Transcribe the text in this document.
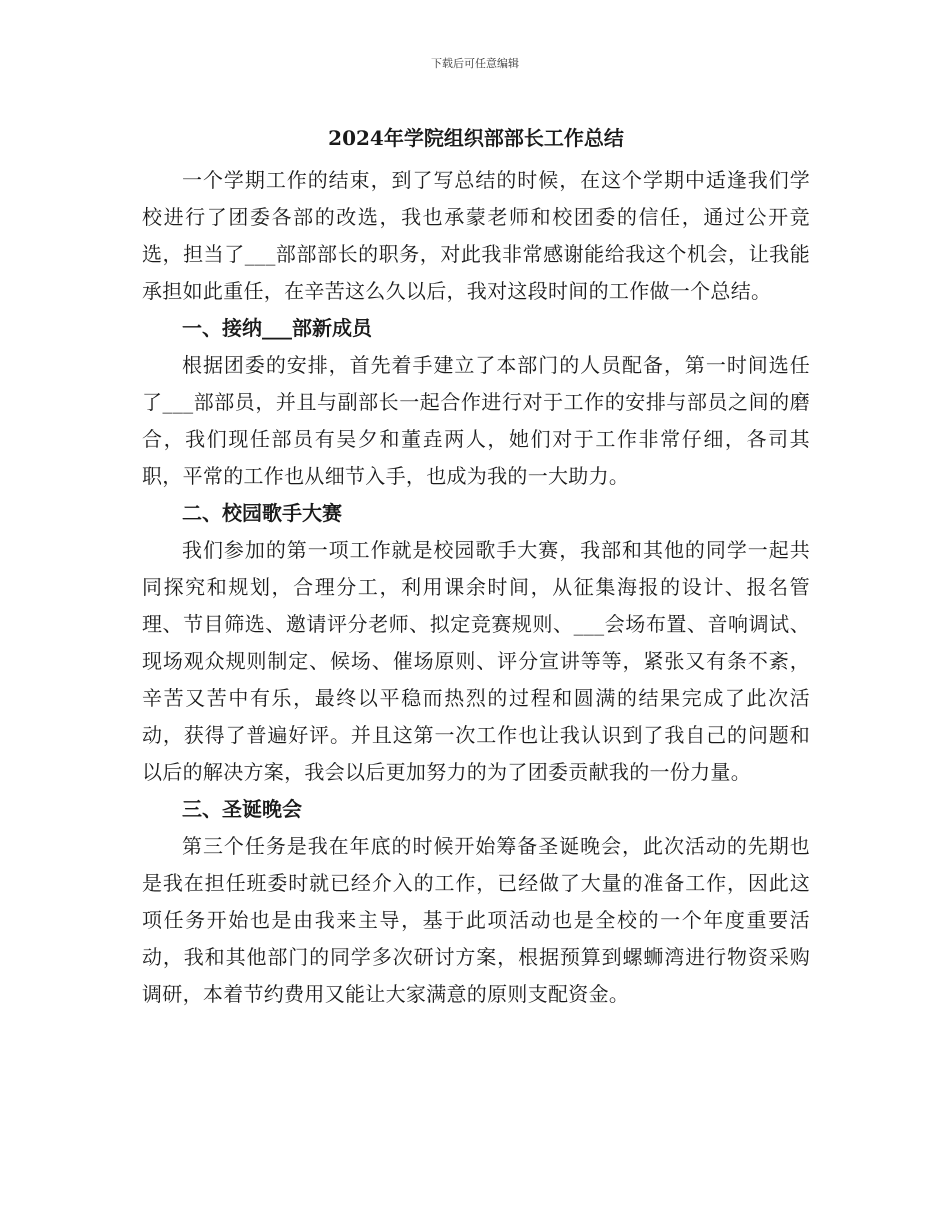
下载后可任意编辑
2024年学院组织部部长工作总结

一个学期工作的结束，到了写总结的时候，在这个学期中适逢我们学校进行了团委各部的改选，我也承蒙老师和校团委的信任，通过公开竞选，担当了___部部部长的职务，对此我非常感谢能给我这个机会，让我能承担如此重任，在辛苦这么久以后，我对这段时间的工作做一个总结。

一、接纳___部新成员

根据团委的安排，首先着手建立了本部门的人员配备，第一时间选任了___部部员，并且与副部长一起合作进行对于工作的安排与部员之间的磨合，我们现任部员有吴夕和董垚两人，她们对于工作非常仔细，各司其职，平常的工作也从细节入手，也成为我的一大助力。

二、校园歌手大赛

我们参加的第一项工作就是校园歌手大赛，我部和其他的同学一起共同探究和规划，合理分工，利用课余时间，从征集海报的设计、报名管理、节目筛选、邀请评分老师、拟定竞赛规则、___会场布置、音响调试、现场观众规则制定、候场、催场原则、评分宣讲等等，紧张又有条不紊，辛苦又苦中有乐，最终以平稳而热烈的过程和圆满的结果完成了此次活动，获得了普遍好评。并且这第一次工作也让我认识到了我自己的问题和以后的解决方案，我会以后更加努力的为了团委贡献我的一份力量。

三、圣诞晚会

第三个任务是我在年底的时候开始筹备圣诞晚会，此次活动的先期也是我在担任班委时就已经介入的工作，已经做了大量的准备工作，因此这项任务开始也是由我来主导，基于此项活动也是全校的一个年度重要活动，我和其他部门的同学多次研讨方案，根据预算到螺蛳湾进行物资采购调研，本着节约费用又能让大家满意的原则支配资金。
